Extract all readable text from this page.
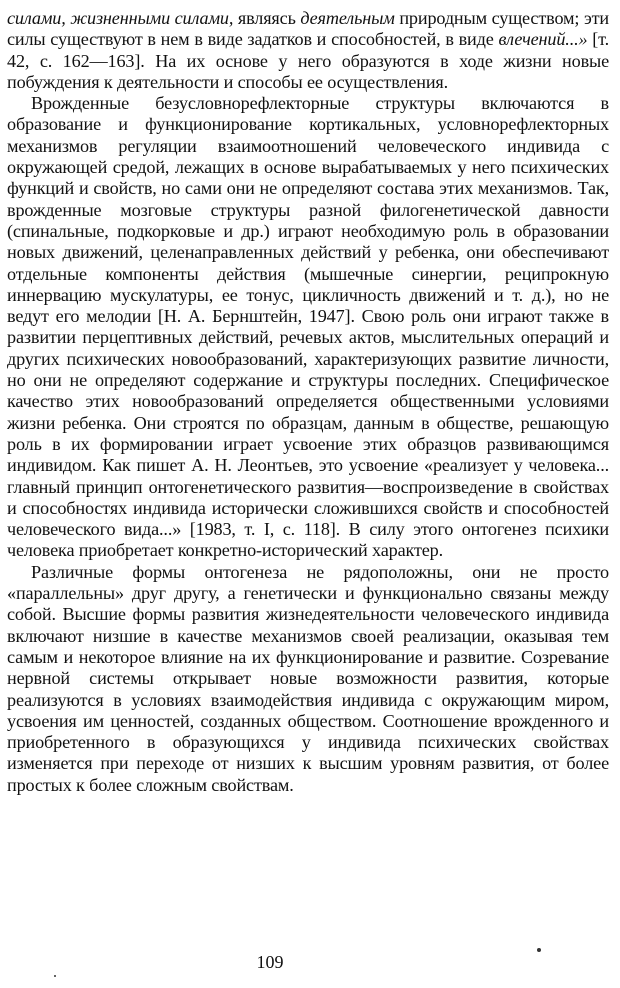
силами, жизненными силами, являясь деятельным природным существом; эти силы существуют в нем в виде задатков и способностей, в виде влечений...» [т. 42, с. 162—163]. На их основе у него образуются в ходе жизни новые побуждения к деятельности и способы ее осуществления.

Врожденные безусловнорефлекторные структуры включаются в образование и функционирование кортикальных, условнорефлекторных механизмов регуляции взаимоотношений человеческого индивида с окружающей средой, лежащих в основе вырабатываемых у него психических функций и свойств, но сами они не определяют состава этих механизмов. Так, врожденные мозговые структуры разной филогенетической давности (спинальные, подкорковые и др.) играют необходимую роль в образовании новых движений, целенаправленных действий у ребенка, они обеспечивают отдельные компоненты действия (мышечные синергии, реципрокную иннервацию мускулатуры, ее тонус, цикличность движений и т. д.), но не ведут его мелодии [Н. А. Бернштейн, 1947]. Свою роль они играют также в развитии перцептивных действий, речевых актов, мыслительных операций и других психических новообразований, характеризующих развитие личности, но они не определяют содержание и структуры последних. Специфическое качество этих новообразований определяется общественными условиями жизни ребенка. Они строятся по образцам, данным в обществе, решающую роль в их формировании играет усвоение этих образцов развивающимся индивидом. Как пишет А. Н. Леонтьев, это усвоение «реализует у человека... главный принцип онтогенетического развития—воспроизведение в свойствах и способностях индивида исторически сложившихся свойств и способностей человеческого вида...» [1983, т. I, с. 118]. В силу этого онтогенез психики человека приобретает конкретно-исторический характер.

Различные формы онтогенеза не рядоположны, они не просто «параллельны» друг другу, а генетически и функционально связаны между собой. Высшие формы развития жизнедеятельности человеческого индивида включают низшие в качестве механизмов своей реализации, оказывая тем самым и некоторое влияние на их функционирование и развитие. Созревание нервной системы открывает новые возможности развития, которые реализуются в условиях взаимодействия индивида с окружающим миром, усвоения им ценностей, созданных обществом. Соотношение врожденного и приобретенного в образующихся у индивида психических свойствах изменяется при переходе от низших к высшим уровням развития, от более простых к более сложным свойствам.

109
